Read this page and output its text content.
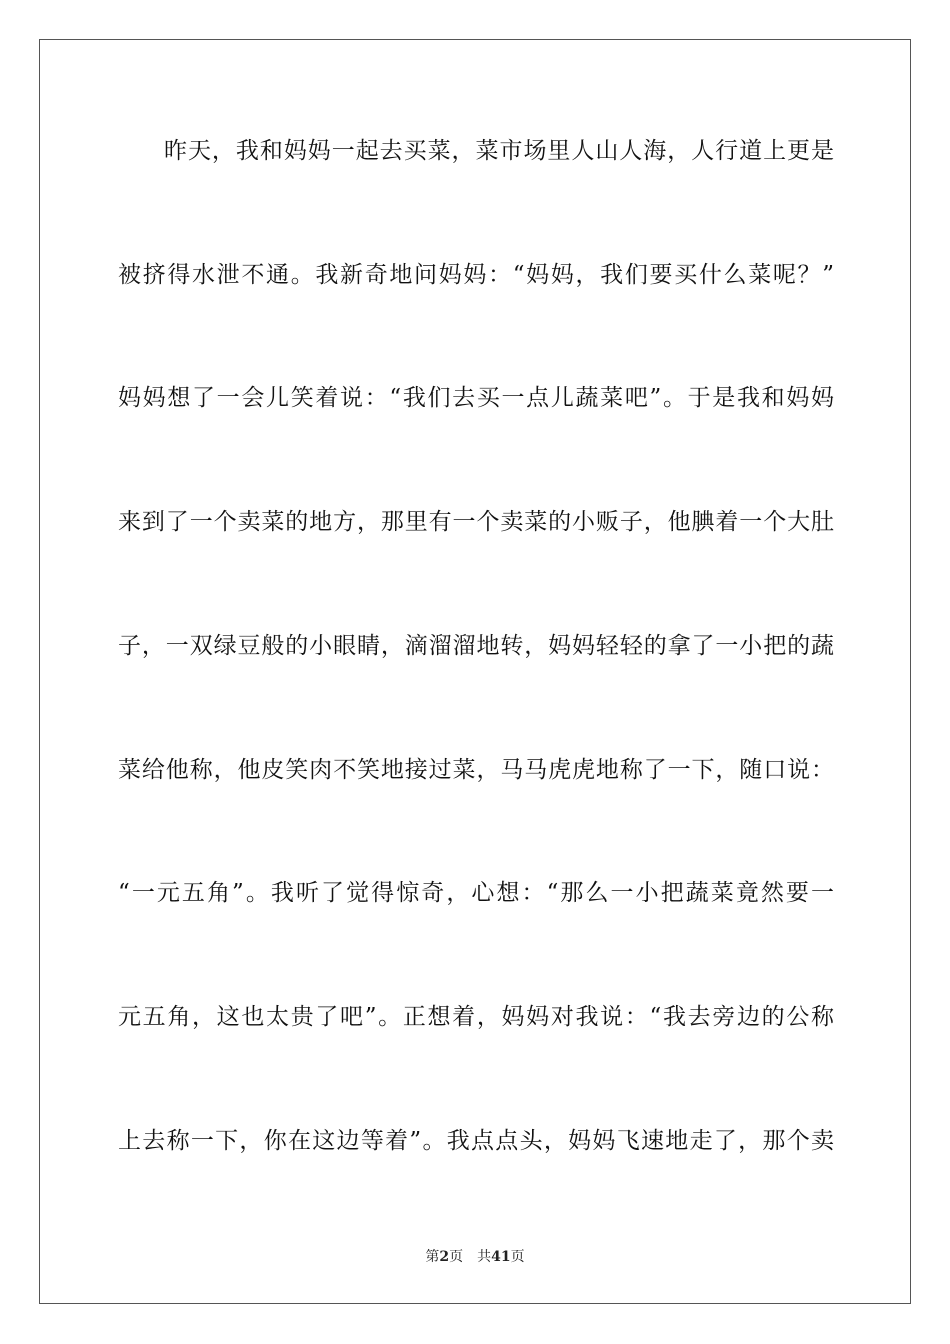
昨天，我和妈妈一起去买菜，菜市场里人山人海，人行道上更是
被挤得水泄不通。我新奇地问妈妈：“妈妈，我们要买什么菜呢？”
妈妈想了一会儿笑着说：“我们去买一点儿蔬菜吧”。于是我和妈妈
来到了一个卖菜的地方，那里有一个卖菜的小贩子，他腆着一个大肚
子，一双绿豆般的小眼睛，滴溜溜地转，妈妈轻轻的拿了一小把的蔬
菜给他称，他皮笑肉不笑地接过菜，马马虎虎地称了一下，随口说：
“一元五角”。我听了觉得惊奇，心想：“那么一小把蔬菜竟然要一
元五角，这也太贵了吧”。正想着，妈妈对我说：“我去旁边的公称
上去称一下，你在这边等着”。我点点头，妈妈飞速地走了，那个卖
第2页 共41页
